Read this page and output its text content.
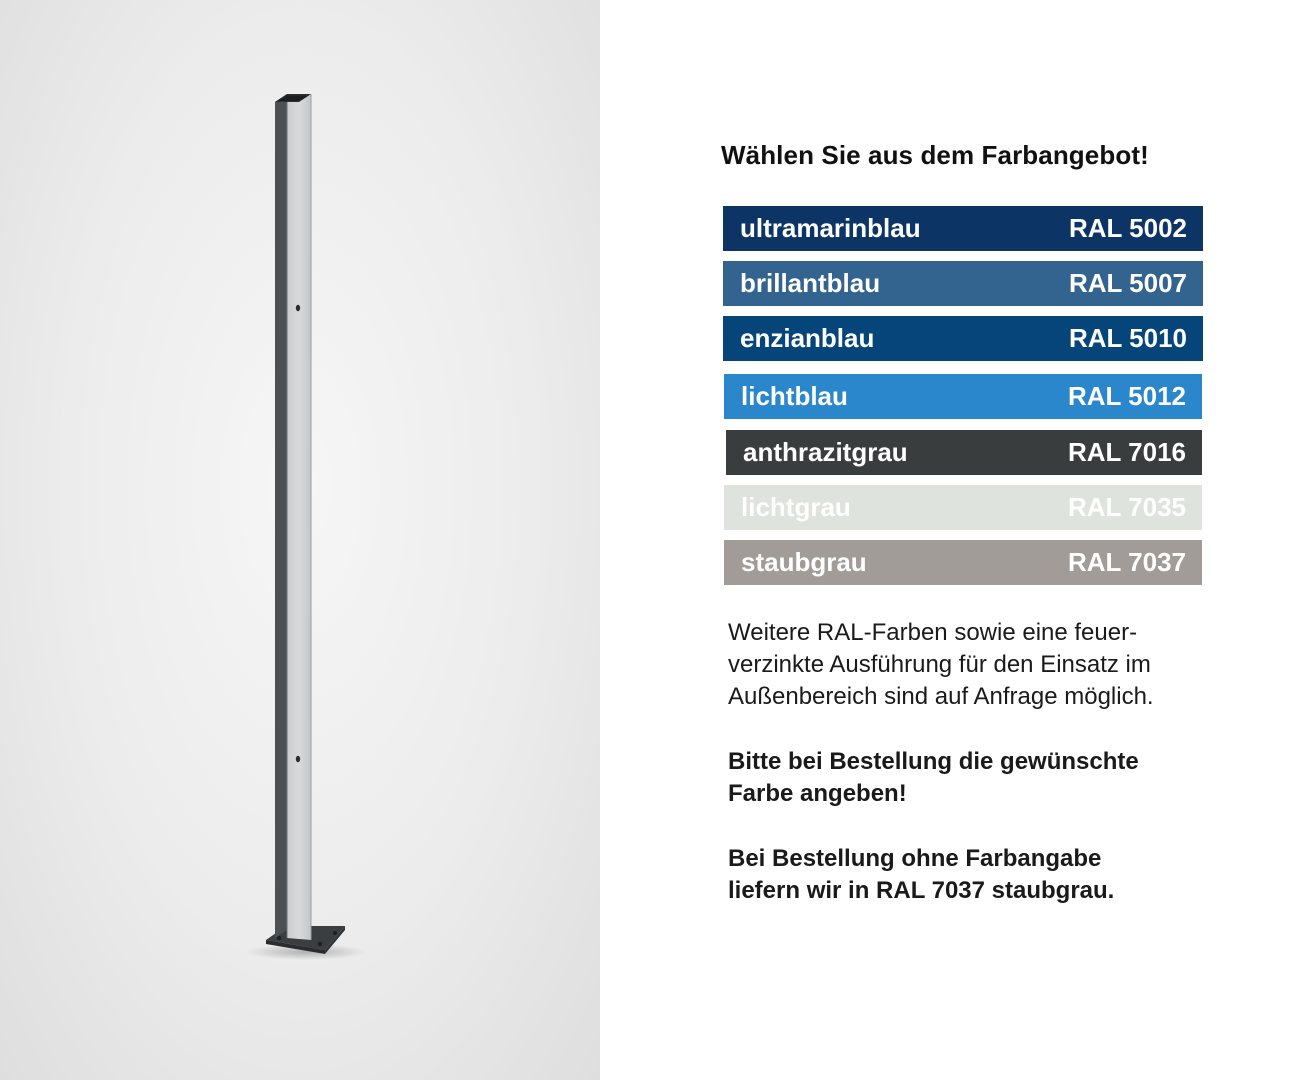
Wählen Sie aus dem Farbangebot!
ultramarinblau	RAL 5002
brillantblau	RAL 5007
enzianblau	RAL 5010
lichtblau	RAL 5012
anthrazitgrau	RAL 7016
lichtgrau	RAL 7035
staubgrau	RAL 7037

Weitere RAL-Farben sowie eine feuer-

verzinkte Ausführung für den Einsatz im

Außenbereich sind auf Anfrage möglich.

Bitte bei Bestellung die gewünschte

Farbe angeben!

Bei Bestellung ohne Farbangabe

liefern wir in RAL 7037 staubgrau.
